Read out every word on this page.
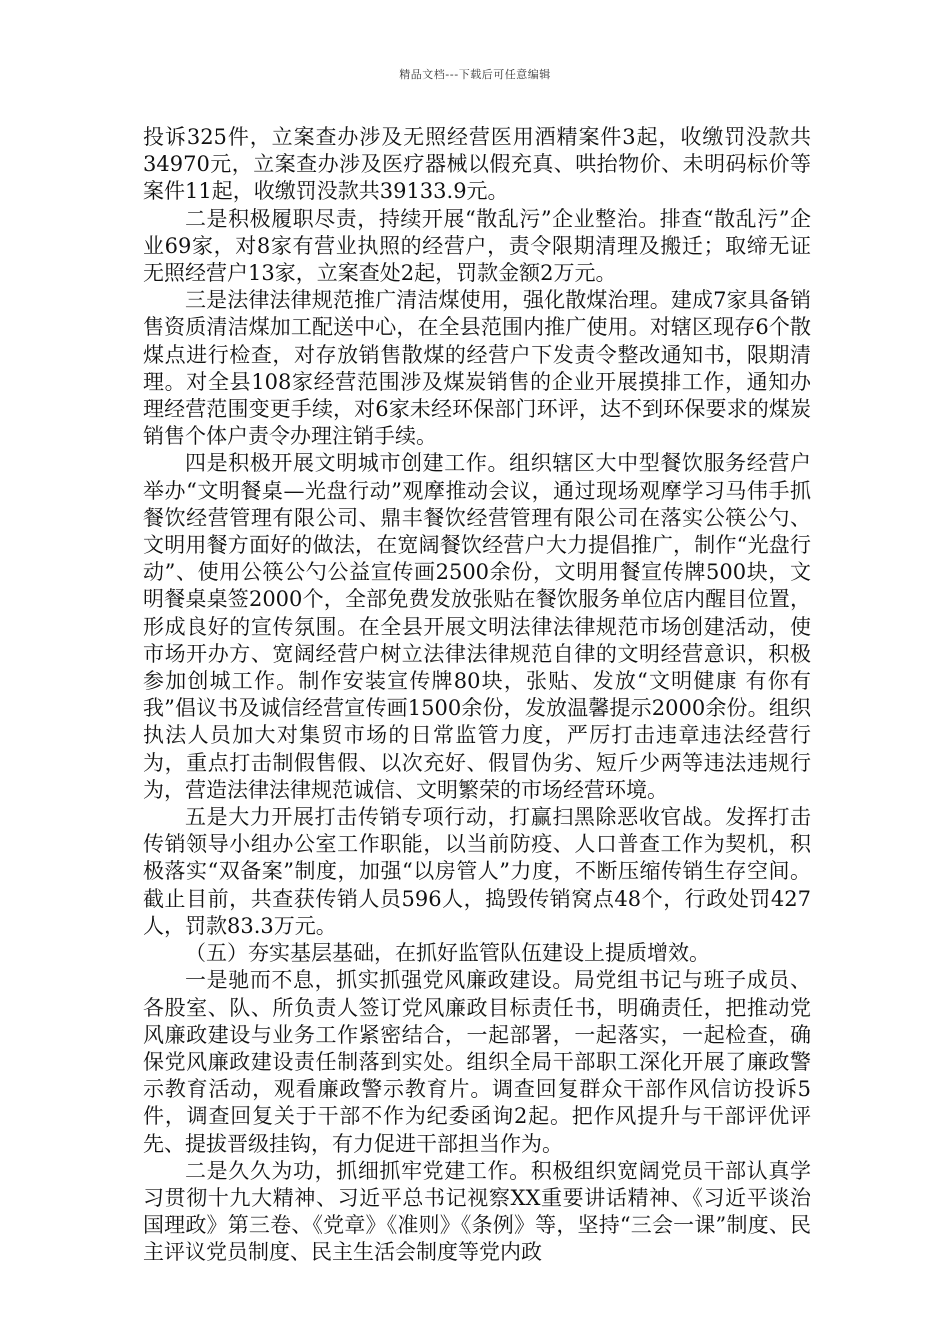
精品文档---下载后可任意编辑

投诉325件，立案查办涉及无照经营医用酒精案件3起，收缴罚没款共34970元，立案查办涉及医疗器械以假充真、哄抬物价、未明码标价等案件11起，收缴罚没款共39133.9元。

二是积极履职尽责，持续开展“散乱污”企业整治。排查“散乱污”企业69家，对8家有营业执照的经营户，责令限期清理及搬迁；取缔无证无照经营户13家，立案查处2起，罚款金额2万元。

三是法律法律规范推广清洁煤使用，强化散煤治理。建成7家具备销售资质清洁煤加工配送中心，在全县范围内推广使用。对辖区现存6个散煤点进行检查，对存放销售散煤的经营户下发责令整改通知书，限期清理。对全县108家经营范围涉及煤炭销售的企业开展摸排工作，通知办理经营范围变更手续，对6家未经环保部门环评，达不到环保要求的煤炭销售个体户责令办理注销手续。

四是积极开展文明城市创建工作。组织辖区大中型餐饮服务经营户举办“文明餐桌—光盘行动”观摩推动会议，通过现场观摩学习马伟手抓餐饮经营管理有限公司、鼎丰餐饮经营管理有限公司在落实公筷公勺、文明用餐方面好的做法，在宽阔餐饮经营户大力提倡推广，制作“光盘行动”、使用公筷公勺公益宣传画2500余份，文明用餐宣传牌500块，文明餐桌桌签2000个，全部免费发放张贴在餐饮服务单位店内醒目位置，形成良好的宣传氛围。在全县开展文明法律法律规范市场创建活动，使市场开办方、宽阔经营户树立法律法律规范自律的文明经营意识，积极参加创城工作。制作安装宣传牌80块，张贴、发放“文明健康 有你有我”倡议书及诚信经营宣传画1500余份，发放温馨提示2000余份。组织执法人员加大对集贸市场的日常监管力度，严厉打击违章违法经营行为，重点打击制假售假、以次充好、假冒伪劣、短斤少两等违法违规行为，营造法律法律规范诚信、文明繁荣的市场经营环境。

五是大力开展打击传销专项行动，打赢扫黑除恶收官战。发挥打击传销领导小组办公室工作职能，以当前防疫、人口普查工作为契机，积极落实“双备案”制度，加强“以房管人”力度，不断压缩传销生存空间。截止目前，共查获传销人员596人，捣毁传销窝点48个，行政处罚427人，罚款83.3万元。

（五）夯实基层基础，在抓好监管队伍建设上提质增效。

一是驰而不息，抓实抓强党风廉政建设。局党组书记与班子成员、各股室、队、所负责人签订党风廉政目标责任书，明确责任，把推动党风廉政建设与业务工作紧密结合，一起部署，一起落实，一起检查，确保党风廉政建设责任制落到实处。组织全局干部职工深化开展了廉政警示教育活动，观看廉政警示教育片。调查回复群众干部作风信访投诉5件，调查回复关于干部不作为纪委函询2起。把作风提升与干部评优评先、提拔晋级挂钩，有力促进干部担当作为。

二是久久为功，抓细抓牢党建工作。积极组织宽阔党员干部认真学习贯彻十九大精神、习近平总书记视察XX重要讲话精神、《习近平谈治国理政》第三卷、《党章》《准则》《条例》等，坚持“三会一课”制度、民主评议党员制度、民主生活会制度等党内政
